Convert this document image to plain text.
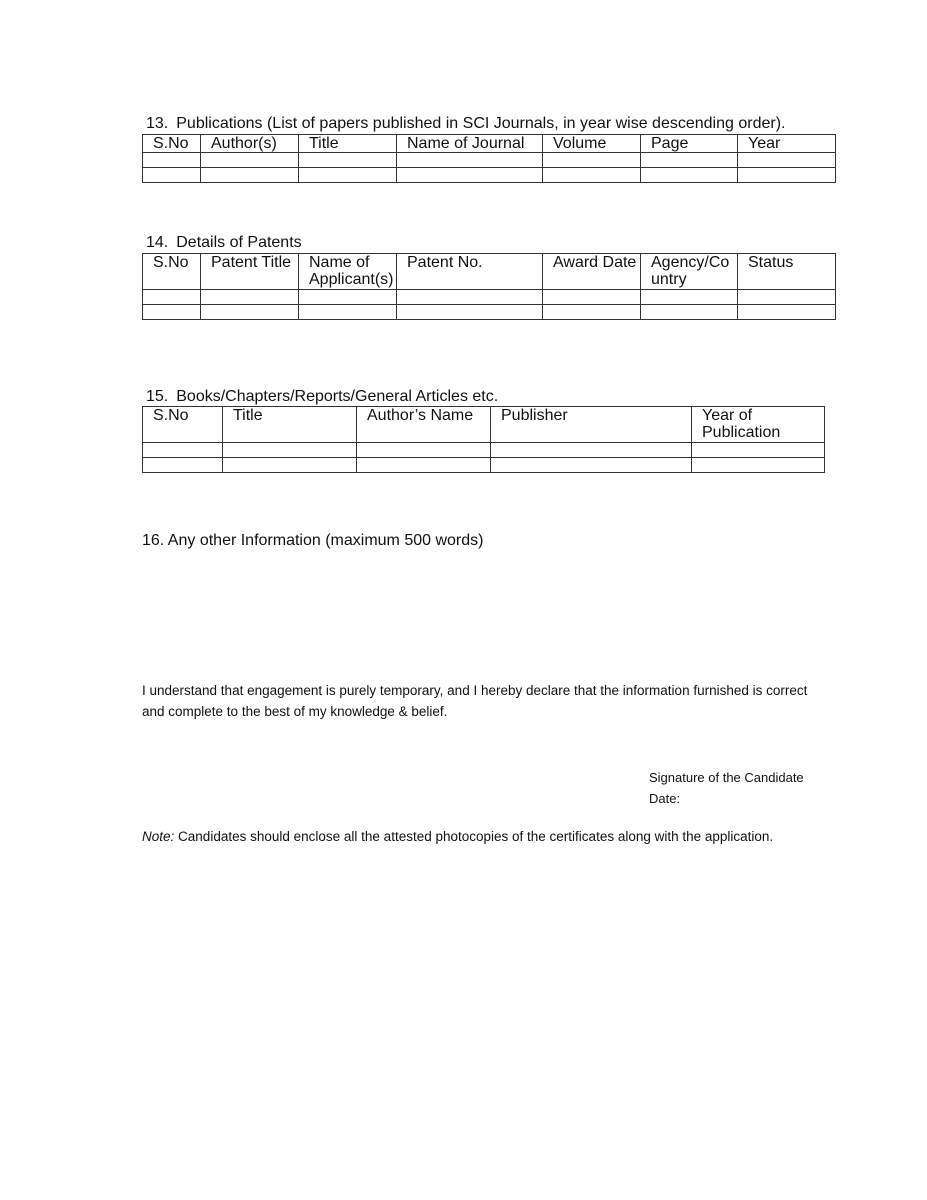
13. Publications (List of papers published in SCI Journals, in year wise descending order).
S.No	Author(s)	Title	Name of Journal	Volume	Page	Year

14. Details of Patents
S.No	Patent Title	Name of Applicant(s)	Patent No.	Award Date	Agency/Co untry	Status

15. Books/Chapters/Reports/General Articles etc.
S.No	Title	Author’s Name	Publisher	Year of Publication

16. Any other Information (maximum 500 words)
I understand that engagement is purely temporary, and I hereby declare that the information furnished is correct
and complete to the best of my knowledge & belief.
Signature of the Candidate
Date:
Note: Candidates should enclose all the attested photocopies of the certificates along with the application.
